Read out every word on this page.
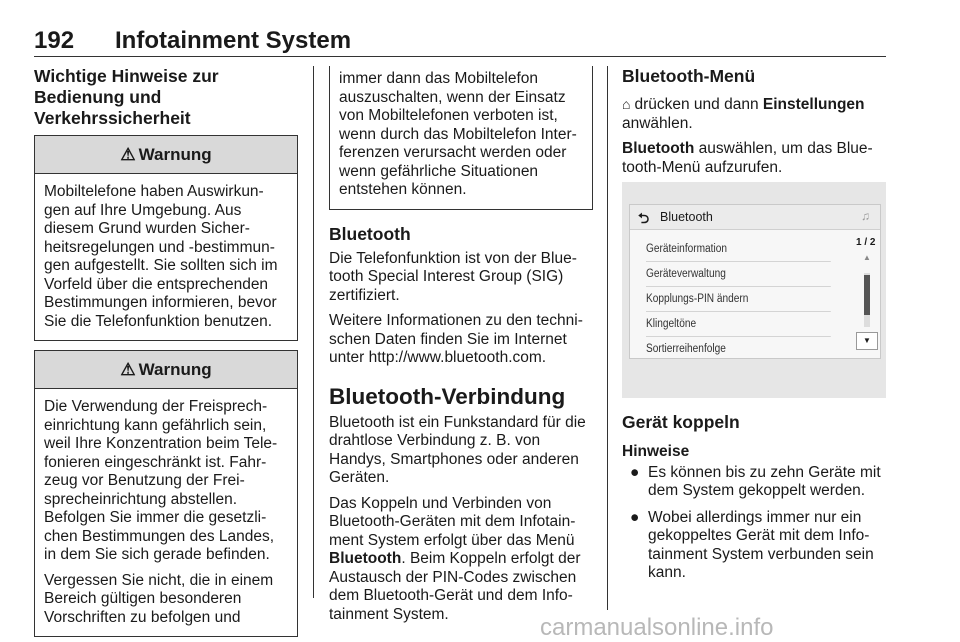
192 Infotainment System
Wichtige Hinweise zur Bedienung und Verkehrssicherheit
⚠ Warnung

Mobiltelefone haben Auswirkun-gen auf Ihre Umgebung. Aus diesem Grund wurden Sicher-heitsregelungen und -bestimmun-gen aufgestellt. Sie sollten sich im Vorfeld über die entsprechenden Bestimmungen informieren, bevor Sie die Telefonfunktion benutzen.

⚠ Warnung

Die Verwendung der Freisprech-einrichtung kann gefährlich sein, weil Ihre Konzentration beim Tele-fonieren eingeschränkt ist. Fahr-zeug vor Benutzung der Frei-sprecheinrichtung abstellen. Befolgen Sie immer die gesetzli-chen Bestimmungen des Landes, in dem Sie sich gerade befinden.

Vergessen Sie nicht, die in einem Bereich gültigen besonderen Vorschriften zu befolgen und

immer dann das Mobiltelefon auszuschalten, wenn der Einsatz von Mobiltelefonen verboten ist, wenn durch das Mobiltelefon Inter-ferenzen verursacht werden oder wenn gefährliche Situationen entstehen können.
Bluetooth

Die Telefonfunktion ist von der Blue-tooth Special Interest Group (SIG) zertifiziert.

Weitere Informationen zu den techni-schen Daten finden Sie im Internet unter http://www.bluetooth.com.

Bluetooth-Verbindung

Bluetooth ist ein Funkstandard für die drahtlose Verbindung z. B. von Handys, Smartphones oder anderen Geräten.

Das Koppeln und Verbinden von Bluetooth-Geräten mit dem Infotain-ment System erfolgt über das Menü Bluetooth. Beim Koppeln erfolgt der Austausch der PIN-Codes zwischen dem Bluetooth-Gerät und dem Info-tainment System.

Bluetooth-Menü

⌂ drücken und dann Einstellungen anwählen.

Bluetooth auswählen, um das Blue-tooth-Menü aufzurufen.

⮌ Bluetooth	♫
Geräteinformation
Geräteverwaltung
Kopplungs-PIN ändern
Klingeltöne
Sortierreihenfolge
1 / 2
▲
▼
Gerät koppeln
Hinweise
● Es können bis zu zehn Geräte mit dem System gekoppelt werden.
● Wobei allerdings immer nur ein gekoppeltes Gerät mit dem Info-tainment System verbunden sein kann.
carmanualsonline.info
